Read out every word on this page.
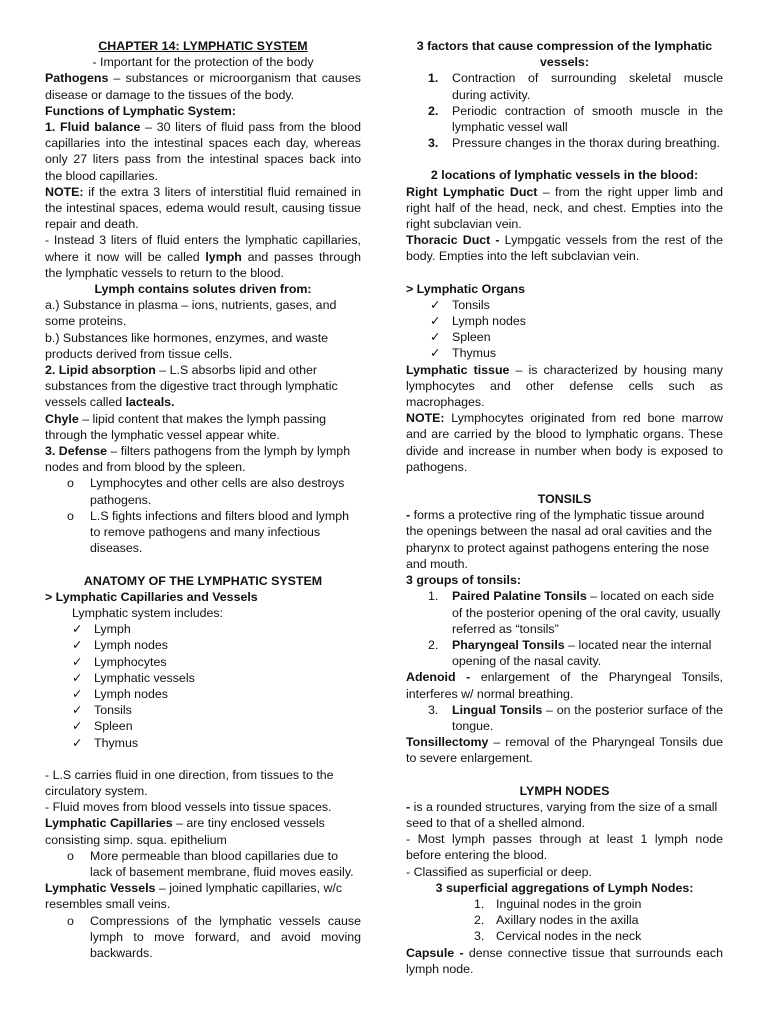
CHAPTER 14: LYMPHATIC SYSTEM

- Important for the protection of the body

Pathogens – substances or microorganism that causes disease or damage to the tissues of the body.

Functions of Lymphatic System:

1. Fluid balance – 30 liters of fluid pass from the blood capillaries into the intestinal spaces each day, whereas only 27 liters pass from the intestinal spaces back into the blood capillaries.

NOTE: if the extra 3 liters of interstitial fluid remained in the intestinal spaces, edema would result, causing tissue repair and death.

- Instead 3 liters of fluid enters the lymphatic capillaries, where it now will be called lymph and passes through the lymphatic vessels to return to the blood.

Lymph contains solutes driven from:

a.) Substance in plasma – ions, nutrients, gases, and some proteins.

b.) Substances like hormones, enzymes, and waste products derived from tissue cells.

2. Lipid absorption – L.S absorbs lipid and other substances from the digestive tract through lymphatic vessels called lacteals.

Chyle – lipid content that makes the lymph passing through the lymphatic vessel appear white.

3. Defense – filters pathogens from the lymph by lymph nodes and from blood by the spleen.

o	Lymphocytes and other cells are also destroys pathogens.
o	L.S fights infections and filters blood and lymph to remove pathogens and many infectious diseases.

ANATOMY OF THE LYMPHATIC SYSTEM

> Lymphatic Capillaries and Vessels

Lymphatic system includes:

✓ Lymph
✓ Lymph nodes
✓ Lymphocytes
✓ Lymphatic vessels
✓ Lymph nodes
✓ Tonsils
✓ Spleen
✓ Thymus

- L.S carries fluid in one direction, from tissues to the circulatory system.

- Fluid moves from blood vessels into tissue spaces.

Lymphatic Capillaries – are tiny enclosed vessels consisting simp. squa. epithelium

o	More permeable than blood capillaries due to lack of basement membrane, fluid moves easily.

Lymphatic Vessels – joined lymphatic capillaries, w/c resembles small veins.

o	Compressions of the lymphatic vessels cause lymph to move forward, and avoid moving backwards.

3 factors that cause compression of the lymphatic vessels:

1.	Contraction of surrounding skeletal muscle during activity.
2.	Periodic contraction of smooth muscle in the lymphatic vessel wall
3.	Pressure changes in the thorax during breathing.

2 locations of lymphatic vessels in the blood:

Right Lymphatic Duct – from the right upper limb and right half of the head, neck, and chest. Empties into the right subclavian vein.

Thoracic Duct - Lympgatic vessels from the rest of the body. Empties into the left subclavian vein.

> Lymphatic Organs

✓ Tonsils
✓ Lymph nodes
✓ Spleen
✓ Thymus

Lymphatic tissue – is characterized by housing many lymphocytes and other defense cells such as macrophages.

NOTE: Lymphocytes originated from red bone marrow and are carried by the blood to lymphatic organs. These divide and increase in number when body is exposed to pathogens.

TONSILS

- forms a protective ring of the lymphatic tissue around the openings between the nasal ad oral cavities and the pharynx to protect against pathogens entering the nose and mouth.

3 groups of tonsils:

1.	Paired Palatine Tonsils – located on each side of the posterior opening of the oral cavity, usually referred as “tonsils”
2.	Pharyngeal Tonsils – located near the internal opening of the nasal cavity.

Adenoid - enlargement of the Pharyngeal Tonsils, interferes w/ normal breathing.

3.	Lingual Tonsils – on the posterior surface of the tongue.

Tonsillectomy – removal of the Pharyngeal Tonsils due to severe enlargement.

LYMPH NODES

- is a rounded structures, varying from the size of a small seed to that of a shelled almond.

- Most lymph passes through at least 1 lymph node before entering the blood.

- Classified as superficial or deep.

3 superficial aggregations of Lymph Nodes:

1. Inguinal nodes in the groin
2. Axillary nodes in the axilla
3. Cervical nodes in the neck

Capsule - dense connective tissue that surrounds each lymph node.
